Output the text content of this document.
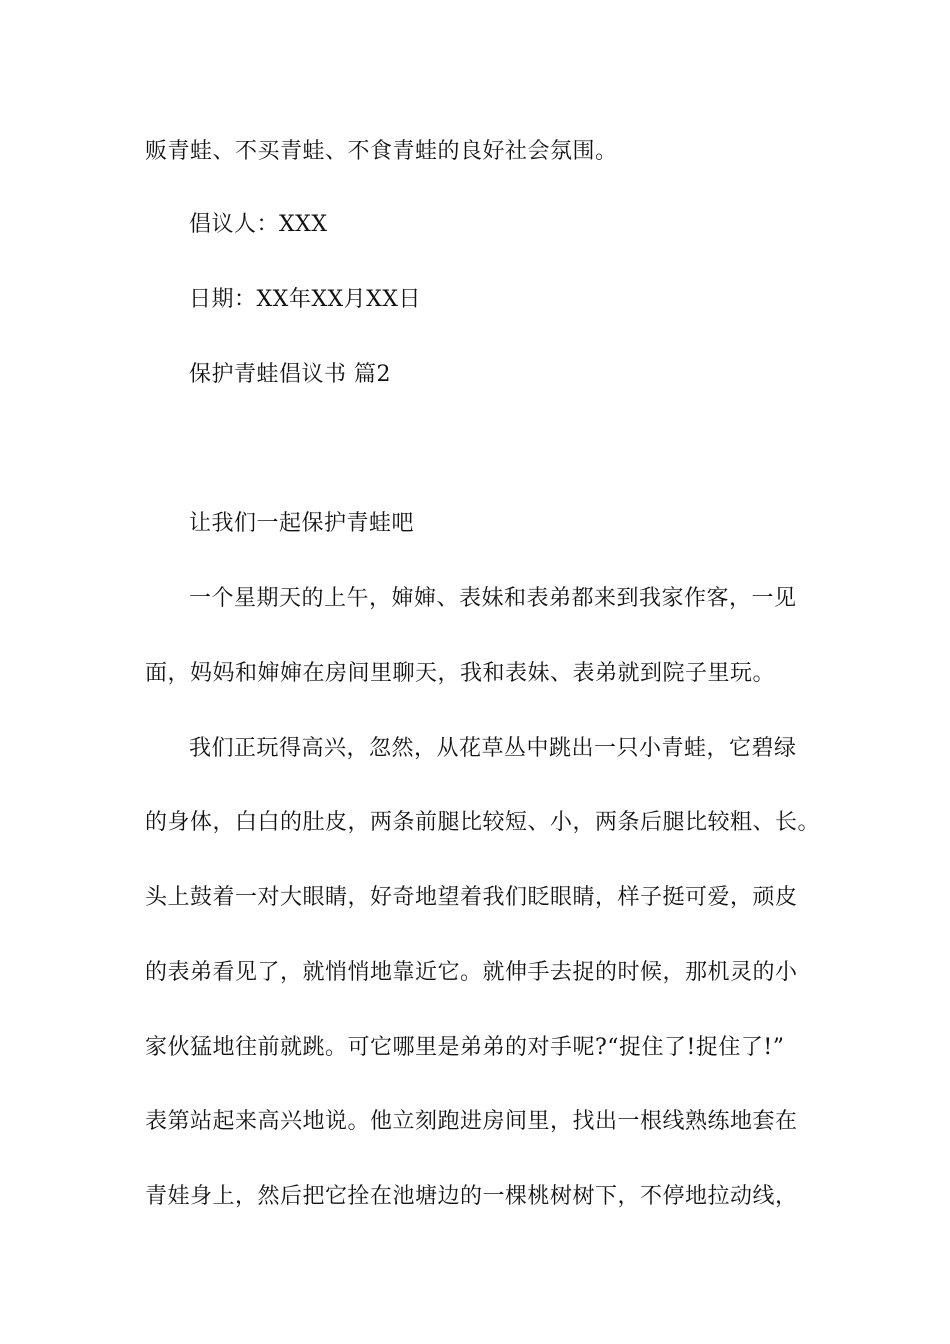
贩青蛙、不买青蛙、不食青蛙的良好社会氛围。
倡议人：XXX
日期：XX年XX月XX日
保护青蛙倡议书 篇2
让我们一起保护青蛙吧
一个星期天的上午，婶婶、表妹和表弟都来到我家作客，一见
面，妈妈和婶婶在房间里聊天，我和表妹、表弟就到院子里玩。
我们正玩得高兴，忽然，从花草丛中跳出一只小青蛙，它碧绿
的身体，白白的肚皮，两条前腿比较短、小，两条后腿比较粗、长。
头上鼓着一对大眼睛，好奇地望着我们眨眼睛，样子挺可爱，顽皮
的表弟看见了，就悄悄地靠近它。就伸手去捉的时候，那机灵的小
家伙猛地往前就跳。可它哪里是弟弟的对手呢?“捉住了!捉住了!”
表第站起来高兴地说。他立刻跑进房间里，找出一根线熟练地套在
青娃身上，然后把它拴在池塘边的一棵桃树树下，不停地拉动线，
